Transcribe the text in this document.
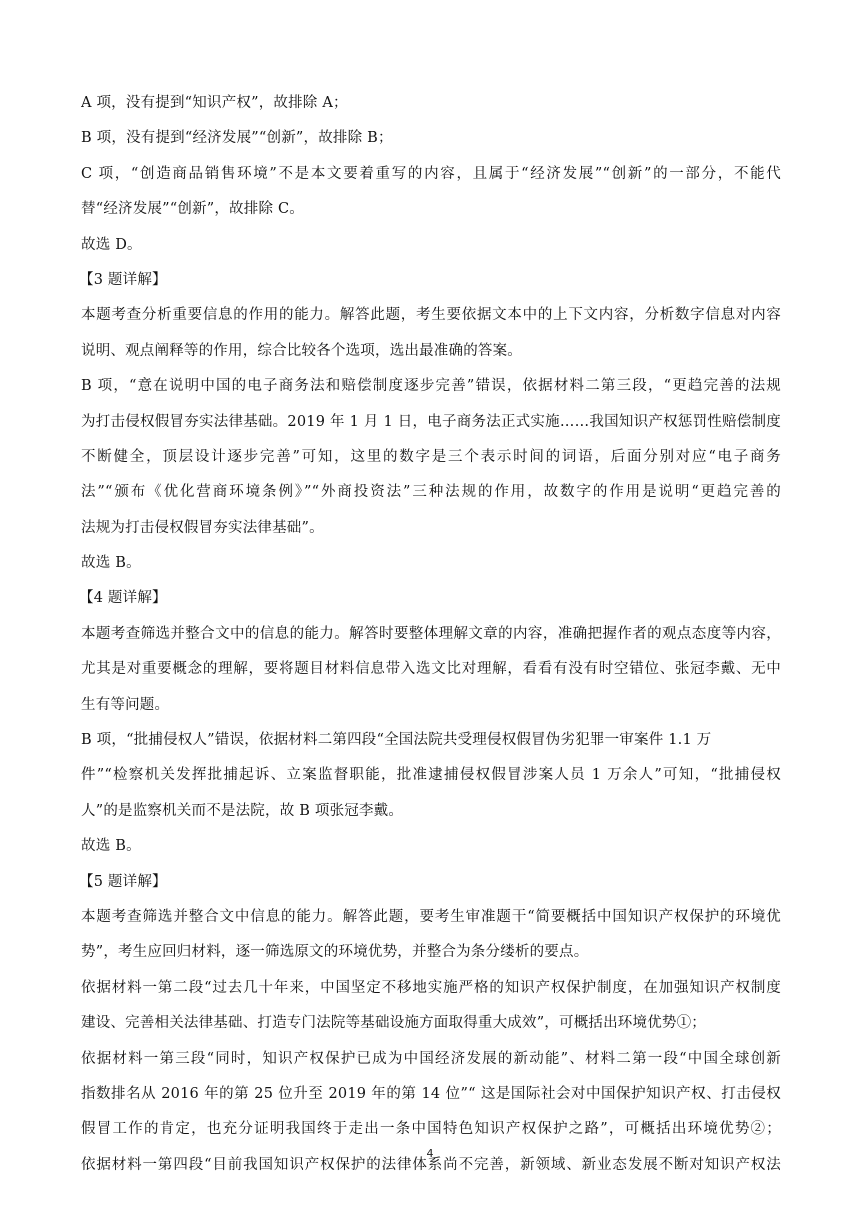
A 项，没有提到“知识产权”，故排除 A；
B 项，没有提到“经济发展”“创新”，故排除 B；
C 项，“创造商品销售环境”不是本文要着重写的内容，且属于“经济发展”“创新”的一部分，不能代
替“经济发展”“创新”，故排除 C。
故选 D。
【3 题详解】
本题考查分析重要信息的作用的能力。解答此题，考生要依据文本中的上下文内容，分析数字信息对内容
说明、观点阐释等的作用，综合比较各个选项，选出最准确的答案。
B 项，“意在说明中国的电子商务法和赔偿制度逐步完善”错误，依据材料二第三段，“更趋完善的法规
为打击侵权假冒夯实法律基础。2019 年 1 月 1 日，电子商务法正式实施……我国知识产权惩罚性赔偿制度
不断健全，顶层设计逐步完善”可知，这里的数字是三个表示时间的词语，后面分别对应“电子商务
法”“颁布《优化营商环境条例》”“外商投资法”三种法规的作用，故数字的作用是说明“更趋完善的
法规为打击侵权假冒夯实法律基础”。
故选 B。
【4 题详解】
本题考查筛选并整合文中的信息的能力。解答时要整体理解文章的内容，准确把握作者的观点态度等内容，
尤其是对重要概念的理解，要将题目材料信息带入选文比对理解，看看有没有时空错位、张冠李戴、无中
生有等问题。
B 项，“批捕侵权人”错误，依据材料二第四段“全国法院共受理侵权假冒伪劣犯罪一审案件 1.1 万
件”“检察机关发挥批捕起诉、立案监督职能，批准逮捕侵权假冒涉案人员 1 万余人”可知，“批捕侵权
人”的是监察机关而不是法院，故 B 项张冠李戴。
故选 B。
【5 题详解】
本题考查筛选并整合文中信息的能力。解答此题，要考生审准题干“简要概括中国知识产权保护的环境优
势”，考生应回归材料，逐一筛选原文的环境优势，并整合为条分缕析的要点。
依据材料一第二段“过去几十年来，中国坚定不移地实施严格的知识产权保护制度，在加强知识产权制度
建设、完善相关法律基础、打造专门法院等基础设施方面取得重大成效”，可概括出环境优势①；
依据材料一第三段“同时，知识产权保护已成为中国经济发展的新动能”、材料二第一段“中国全球创新
指数排名从 2016 年的第 25 位升至 2019 年的第 14 位”“ 这是国际社会对中国保护知识产权、打击侵权
假冒工作的肯定，也充分证明我国终于走出一条中国特色知识产权保护之路”，可概括出环境优势②；
依据材料一第四段“目前我国知识产权保护的法律体系尚不完善，新领域、新业态发展不断对知识产权法
4
